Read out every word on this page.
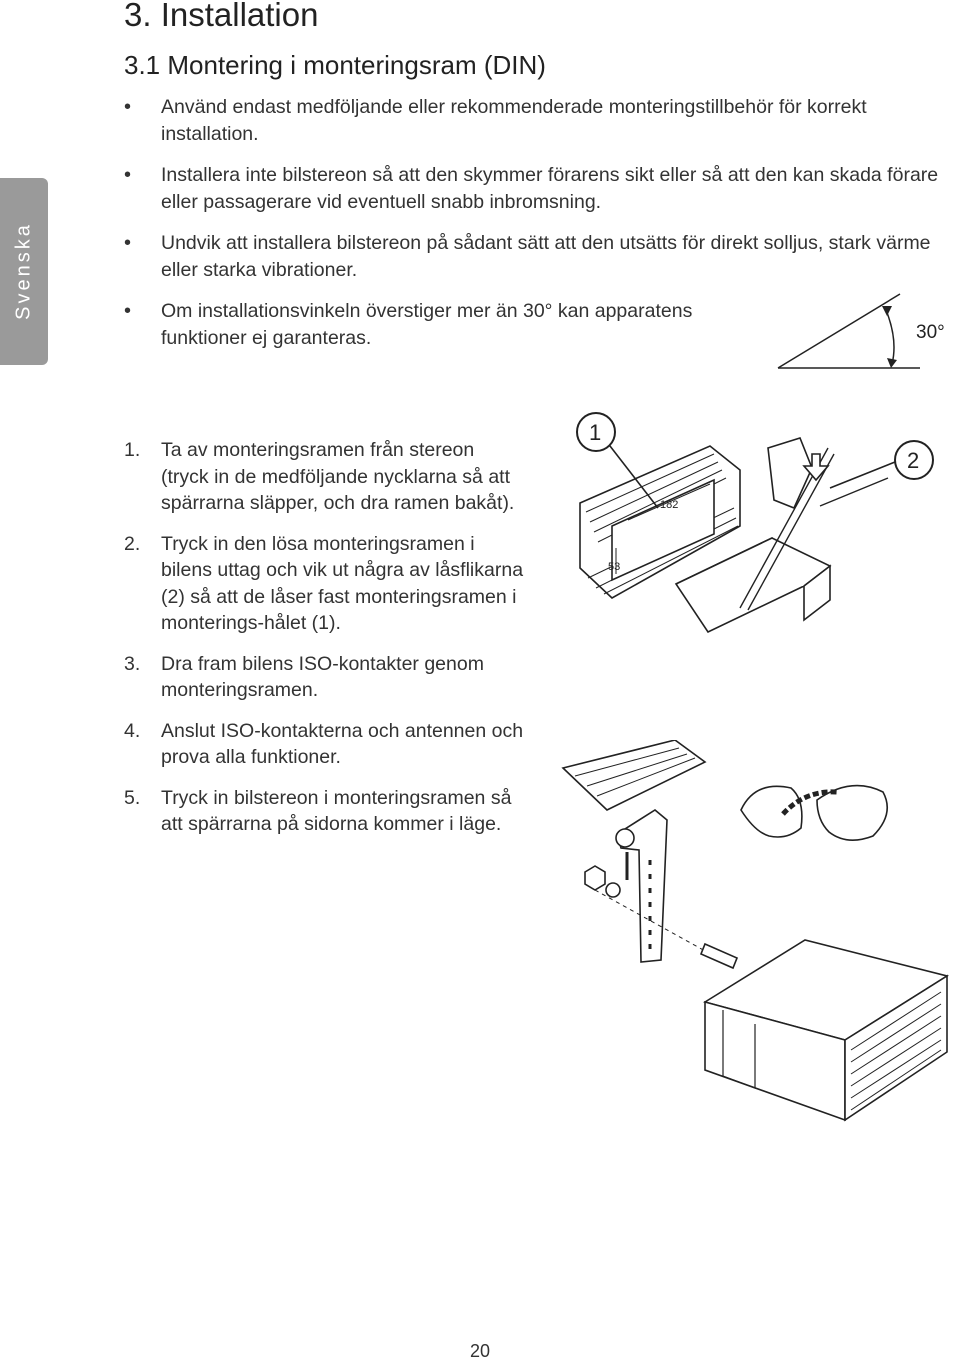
Svenska
3. Installation
3.1 Montering i monteringsram (DIN)
• Använd endast medföljande eller rekommenderade monteringstillbehör för korrekt installation.
• Installera inte bilstereon så att den skymmer förarens sikt eller så att den kan skada förare eller passagerare vid eventuell snabb inbromsning.
• Undvik att installera bilstereon på sådant sätt att den utsätts för direkt solljus, stark värme eller starka vibrationer.
• Om installationsvinkeln överstiger mer än 30° kan apparatens funktioner ej garanteras.	30°
1. Ta av monteringsramen från stereon (tryck in de medföljande nycklarna så att spärrarna släpper, och dra ramen bakåt).
2. Tryck in den lösa monteringsramen i bilens uttag och vik ut några av låsflikarna (2) så att de låser fast monteringsramen i monterings-hålet (1).
3. Dra fram bilens ISO-kontakter genom monteringsramen.
4. Anslut ISO-kontakterna och antennen och prova alla funktioner.
5. Tryck in bilstereon i monteringsramen så att spärrarna på sidorna kommer i läge.
1
2
182
53
20
